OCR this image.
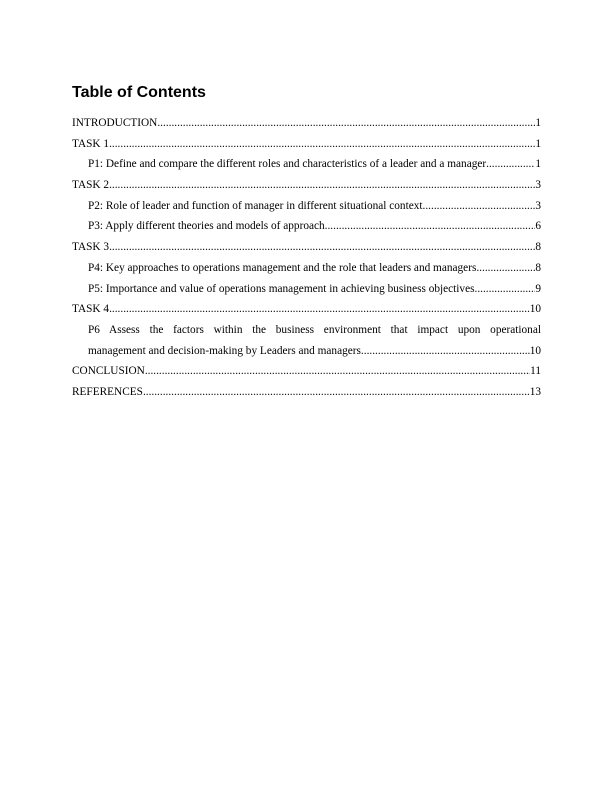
Table of Contents
INTRODUCTION .....	1
TASK 1 .....	1
P1: Define and compare the different roles and characteristics of a leader and a manager .....	1
TASK 2 .....	3
P2: Role of leader and function of manager in different situational context. .....	3
P3: Apply different theories and models of approach .....	6
TASK 3 .....	8
P4: Key approaches to operations management and the role that leaders and managers .....	8
P5: Importance and value of operations management in achieving business objectives .....	9
TASK 4 .....	10
P6 Assess the factors within the business environment that impact upon operational
management and decision-making by Leaders and managers .....	10
CONCLUSION .....	11
REFERENCES .....	13
